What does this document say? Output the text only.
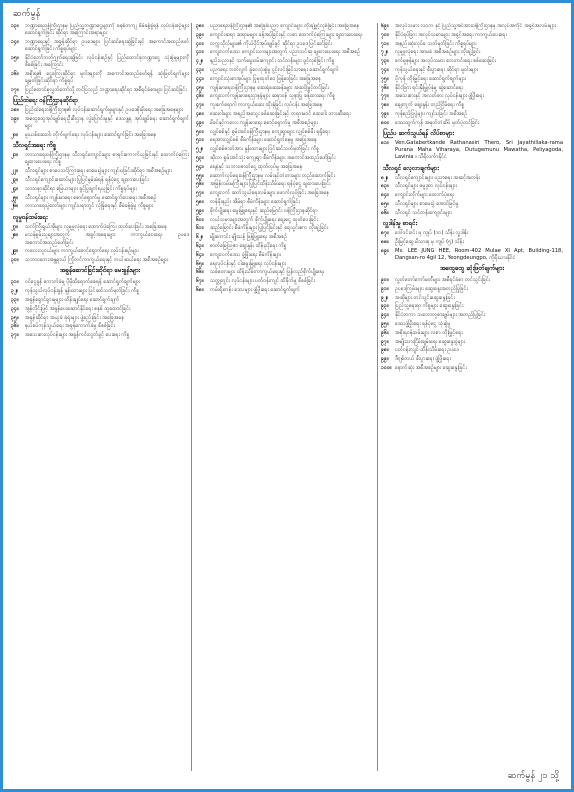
ဆက်မွန်
၁၃။	ဘဏ္ဍာရေးဝန်ကြီးဌာနမှ ပြည်သူ့ဘဏ္ဍာငွေများကို စနစ်တကျ စီမံခန့်ခွဲရန် လုပ်ငန်းစဉ်များ ဆောင်ရွက်ခြင်း ဆိုင်ရာ အကြောင်းအရာများ
၁၄။	ဘဏ္ဍာရေးနှင့် အခွန်ဆိုင်ရာ ဥပဒေများ ပြင်ဆင်ရေးဆွဲခြင်းနှင့် အကောင်အထည်ဖော်ဆောင်ရွက်ခြင်း ကိစ္စရပ်များ
၁၅။	နိုင်ငံတော်ဘတ်ဂျက်ရေးဆွဲခြင်း လုပ်ငန်းစဉ်နှင့် ပြည်ထောင်စုဘဏ္ဍာငွေ သုံးစွဲမှုများကို စိစစ်ခြင်း အကြောင်း
၁၆။	အစိုးရ၏ ငွေကြေးဆိုင်ရာ မူဝါဒများကို အကောင်အထည်ဖော်ရန် ဆုံးဖြတ်ချက်များ ချမှတ်ခြင်းဆိုင်ရာ ကိစ္စရပ်
၁၇။	ပြည်ထောင်စုလွှတ်တော်သို့ တင်ပြသည့် ဘဏ္ဍာရေးဆိုင်ရာ အစီရင်ခံစာများ ပြင်ဆင်ခြင်း
ပြည်ထဲရေး ဝန်ကြီးဌာနဆိုင်ရာ
၁၈။	ပြည်ထဲရေးဝန်ကြီးဌာန၏ လုပ်ငန်းဆောင်ရွက်မှုများနှင့် ဥပဒေစိုးမိုးရေး အခြေအနေများ
၁၉။	အထွေထွေအုပ်ချုပ်ရေးဦးစီးဌာန လွှဲပြောင်းမှုနှင့် ဒေသန္တရ အုပ်ချုပ်ရေး ဆောင်ရွက်ချက်များ
၂၀။	မူးယစ်ဆေးဝါး တိုက်ဖျက်ရေး လုပ်ငန်းများ ဆောင်ရွက်ခြင်း အခြေအနေ
သီလရှင်အရေး ကိစ္စ
၂၁။	ဘာသာရေးဝန်ကြီးဌာနမှ သီလရှင်ကျောင်းများ စာရင်းကောက်ယူခြင်းနှင့် ထောက်ပံ့ကြေး ချထားပေးရေး ကိစ္စ
၂၂။	သီလရှင်များ စာပေသင်ကြားရေး စာမေးပွဲများ ကျင်းပခြင်းဆိုင်ရာ အစီအစဉ်များ
၂၃။	သီလရှင်ကျောင်းဆောင်များ ပြုပြင်မွမ်းမံရန် ရန်ပုံငွေ ချထားပေးခြင်း
၂၄။	သာသနာ့ဆိုင်ရာ မြေယာများ ခွင့်ပြုချက်ရယူခြင်း ကိစ္စရပ်များ
၂၅။	သီလရှင်များ ကျန်းမာရေး စောင့်ရှောက်မှု ဆောင်ရွက်ပေးရေး အစီအစဉ်
၂၆။	ဘာသာရေးပွဲတော်များ ကျင်းပရာတွင် လုံခြုံရေးနှင့် စီမံခန့်ခွဲမှု ကိစ္စများ
လူမှုဝန်ထမ်းရေး
၂၇။	သက်ကြီးရွယ်အိုများ လူမှုဖူလုံရေး ထောက်ပံ့ကြေး ထုတ်ပေးခြင်း အခြေအနေ
၂၈။	မသန်စွမ်းသူများအတွက် အခွင့်အရေးများ ကာကွယ်ပေးရေး ဥပဒေ အကောင်အထည်ဖော်ခြင်း
၂၉။	ကလေးသူငယ်များ ကာကွယ်စောင့်ရှောက်ရေး လုပ်ငန်းစဉ်များ
၃၀။	သဘာဝဘေးအန္တရာယ် ကြိုတင်ကာကွယ်ရေးနှင့် ကယ်ဆယ်ရေး အစီအစဉ်များ
အခွန်ဆောင်ခြင်းဆိုင်ရာ မေးခွန်းများ
၃၁။	ဝင်ငွေခွန် ကောက်ခံမှု ပိုမိုထိရောက်စေရန် ဆောင်ရွက်ချက်များ
၃၂။	ကုန်သွယ်လုပ်ငန်းခွန် နှုန်းထားများ ပြင်ဆင်သတ်မှတ်ခြင်း ကိစ္စ
၃၃။	အခွန်ရှောင်ရှားမှုများ ထိန်းချုပ်ရေး ဆောင်ရွက်ချက်
၃၄။	အွန်လိုင်းဖြင့် အခွန်ပေးဆောင်နိုင်ရေး စနစ် ထူထောင်ခြင်း
၃၅။	အခွန်ဆိုင်ရာ အယူခံ ခုံရုံးများ ဖွဲ့စည်းခြင်း အခြေအနေ
၃၆။	နယ်စပ်ကုန်သွယ်ရေး အခွန်ကောက်ခံမှု စိစစ်ခြင်း
၃၇။	အသေးစားလုပ်ငန်းများ အခွန်ကင်းလွတ်ခွင့် ပေးရေး ကိစ္စ
၃၈။	ပညာရေးဝန်ကြီးဌာန၏ အခြေခံပညာ ကျောင်းများ တိုးချဲ့ဖွင့်လှစ်ခြင်း အခြေအနေ
၃၉။	ကျောင်းဆရာ ဆရာမများ ခန့်အပ်ခြင်းနှင့် လစာ ထောက်ပံ့ကြေးများ ချထားပေးရေး
၄၀။	တက္ကသိုလ်များ၏ ကိုယ်ပိုင်အုပ်ချုပ်ခွင့် ဆိုင်ရာ ဥပဒေ ပြင်ဆင်ခြင်း
၄၁။	ကျေးလက်ဒေသ ကျောင်းသားများအတွက် ပညာသင်ဆု ချထားပေးရေး အစီအစဉ်
၄၂။	နည်းပညာနှင့် သက်မွေးဝမ်းကျောင်း သင်တန်းများ ဖွင့်လှစ်ခြင်း ကိစ္စ
၄၃။	ပညာရေး ဘတ်ဂျက် ခွဲဝေသုံးစွဲမှု ပွင့်လင်းမြင်သာရေး ဆောင်ရွက်ချက်
၄၄။	ကျောင်းသုံးစာအုပ်များ ပြုစုထုတ်ဝေ ဖြန့်ဝေခြင်း အခြေအနေ
၄၅။	ကျန်းမာရေးဝန်ကြီးဌာနမှ ဆေးရုံဆေးခန်းများ အဆင့်မြှင့်တင်ခြင်း
၄၆။	ကျေးလက်ကျန်းမာရေးဌာနခွဲများ ဆရာဝန် သူနာပြု ခန့်ထားရေး ကိစ္စ
၄၇။	ကူးစက်ရောဂါ ကာကွယ်ဆေး ထိုးနှံခြင်း လုပ်ငန်း အခြေအနေ
၄၈။	ဆေးဝါးများ အရည်အသွေး စစ်ဆေးခြင်းနှင့် တရားမဝင် ဆေးဝါး တားဆီးရေး
၄၉။	မိခင်နှင့်ကလေး ကျန်းမာရေး စောင့်ရှောက်မှု အစီအစဉ်များ
၅၀။	လျှပ်စစ်နှင့် စွမ်းအင်ဝန်ကြီးဌာနမှ ကျေးရွာများ လျှပ်စစ်မီး ရရှိရေး
၅၁။	ရေအားလျှပ်စစ် စီမံကိန်းများ ဆောင်ရွက်နေမှု အခြေအနေ
၅၂။	လျှပ်စစ်ဓာတ်အား နှုန်းထားများ ပြင်ဆင်သတ်မှတ်ခြင်း ကိစ္စ
၅၃။	ဆိုလာ စွမ်းအင်သုံး ကျေးရွာ စီမံကိန်းများ အကောင်အထည်ဖော်ခြင်း
၅၄။	ရေနံနှင့် သဘာဝဓာတ်ငွေ့ ထုတ်လုပ်မှု အခြေအနေ
၅၅။	ဆောက်လုပ်ရေးဝန်ကြီးဌာနမှ လမ်းနှင့်တံတားများ တည်ဆောက်ခြင်း
၅၆။	အမြန်လမ်းမကြီးများ ပြုပြင်ထိန်းသိမ်းရေး ရန်ပုံငွေ ချထားပေးခြင်း
၅၇။	ကျေးလက် ဆက်သွယ်ရေးလမ်းများ ဖောက်လုပ်ခြင်း အခြေအနေ
၅၈။	တန်ဖိုးနည်း အိမ်ရာ စီမံကိန်းများ ဆောင်ရွက်ခြင်း
၅၉။	စိုက်ပျိုးရေး မွေးမြူရေးနှင့် ဆည်မြောင်း ဝန်ကြီးဌာနဆိုင်ရာ
၆၀။	လယ်သမားများအတွက် စိုက်ပျိုးရေး ချေးငွေ ထုတ်ပေးခြင်း
၆၁။	ဆည်မြောင်း စီမံကိန်းများ ပြုပြင်ခြင်းနှင့် ရေသွင်းဧက တိုးချဲ့ခြင်း
၆၂။	မျိုးကောင်း မျိုးသန့် ဖြန့်ဖြူးရေး အစီအစဉ်
၆၃။	ဓာတ်မြေဩဇာ ဈေးနှုန်း ထိန်းညှိရေး ကိစ္စ
၆၄။	ကျေးလက်ဒေသ ဖွံ့ဖြိုးရေး စီမံကိန်းများ
၆၅။	ရေလုပ်ငန်းနှင့် ငါးမွေးမြူရေး လုပ်ငန်းများ
၆၆။	သစ်တောများ ထိန်းသိမ်းကာကွယ်ရေးနှင့် ပြန်လည်စိုက်ပျိုးရေး
၆၇။	သတ္တုတွင်း လုပ်ငန်းများ ပတ်ဝန်းကျင် ထိခိုက်မှု စိစစ်ခြင်း
၆၈။	ကမ်းရိုးတန်း ဒေသများ ဖွံ့ဖြိုးရေး ဆောင်ရွက်ချက်
၆၉။	အလုပ်သမား လဝက နှင့် ပြည်သူ့အင်အားဝန်ကြီးဌာနမှ အလုပ်အကိုင် အခွင့်အလမ်းများ
၇၀။	နိုင်ငံရပ်ခြား အလုပ်သမားများ အခွင့်အရေး ကာကွယ်ပေးရေး
၇၁။	အနည်းဆုံးလုပ်ခ သတ်မှတ်ခြင်း ကိစ္စရပ်များ
၇၂။	လူမှုဖူလုံရေး အာမခံ အစီအစဉ်များ တိုးချဲ့ခြင်း
၇၃။	စက်မှုဇုန်များ အလုပ်သမား ဘေးကင်းရေး စစ်ဆေးခြင်း
၇၄။	ကုန်သွယ်ရေးနှင့် စီးပွားရေး ဆိုင်ရာ မူဝါဒများ
၇၅။	ပို့ကုန် တိုးမြှင့်ရေး ဆောင်ရွက်ချက်များ
၇၆။	နိုင်ငံခြား ရင်းနှီးမြှုပ်နှံမှု ဆွဲဆောင်ရေး
၇၇။	အသေးစားနှင့် အလတ်စား လုပ်ငန်းများ ဖွံ့ဖြိုးရေး
၇၈။	ဈေးကွက် ဈေးနှုန်း တည်ငြိမ်ရေး ကိစ္စ
၇၉။	ကုန်စည်ပြပွဲများ ကျင်းပခြင်း အစီအစဉ်
၈၀။	ဒေသထွက်ကုန် အမှတ်တံဆိပ် မှတ်ပုံတင်ခြင်း
ပြည်ပ ဆက်သွယ်ရန် လိပ်စာများ
၈၁။	Ven.Gatabertkande Rathanasiri Thero, Sri Jayathillaka-rama Purana Maha Viharaya, Dutugemunu Mawatha, Peliyagoda, Lavinia ။ သီရိလင်္ကာနိုင်ငံ
သီလရှင် လေ့လာချက်များ
၈၂။	သီလရှင်ကျောင်းများ ပညာရေး အဆင့်အတန်း
၈၃။	သီလရှင်များ ဓမ္မဒူတ လုပ်ငန်းများ
၈၄။	ကျောင်းတိုက်များ ထောက်ပံ့ရေး
၈၅။	သီလရှင်များ စာမေးပွဲ အောင်မြင်မှု
၈၆။	သီလရှင် သင်တန်းကျောင်းများ
လှူဒါန်းမှု စာရင်း
၈၇။	ဒေါ်ဝင်းဝင်း မှ ကျပ် (၁၀) သိန်း လှူဒါန်း
၈၈။	ဦးမြင့်ဆွေ မိသားစု မှ ကျပ် (၅) သိန်း
၈၉။	Ms. LEE JUNG HEE, Room-402 Mulae XI Apt, Building-118, Dangsan-ro 4gil 12, Yeongdeungpo, ကိုရီးယားနိုင်ငံ
အထွေထွေ ဆုံးဖြတ်ချက်များ
၉၀။	လွှတ်တော်ကော်မတီများ အစီရင်ခံစာ တင်သွင်းခြင်း
၉၁။	ဥပဒေကြမ်းများ ဆွေးနွေးအတည်ပြုခြင်း
၉၂။	အဆိုများ တင်သွင်းဆွေးနွေးခြင်း
၉၃။	ပြည်သူ့ရေးရာ ကိစ္စများ ဆွေးနွေးခြင်း
၉၄။	နိုင်ငံတကာ သဘောတူစာချုပ်များ အတည်ပြုခြင်း
၉၅။	ဒေသဖွံ့ဖြိုးရေး ရန်ပုံငွေ သုံးစွဲမှု
၉၆။	အစိုးရဝန်ထမ်းများ လစာ တိုးမြှင့်ရေး
၉၇။	အမျိုးသားငြိမ်းချမ်းရေး ဆွေးနွေးပွဲများ
၉၈။	ပတ်ဝန်းကျင် ထိန်းသိမ်းရေး ဥပဒေ
၉၉။	ဒီဂျစ်တယ် စီးပွားရေး ဖွံ့ဖြိုးရေး
၁၀၀။ နောက်ဆုံး အစီအစဉ်များ ဆွေးနွေးခြင်း
ဆက်မွန် ၂၁ သို့
